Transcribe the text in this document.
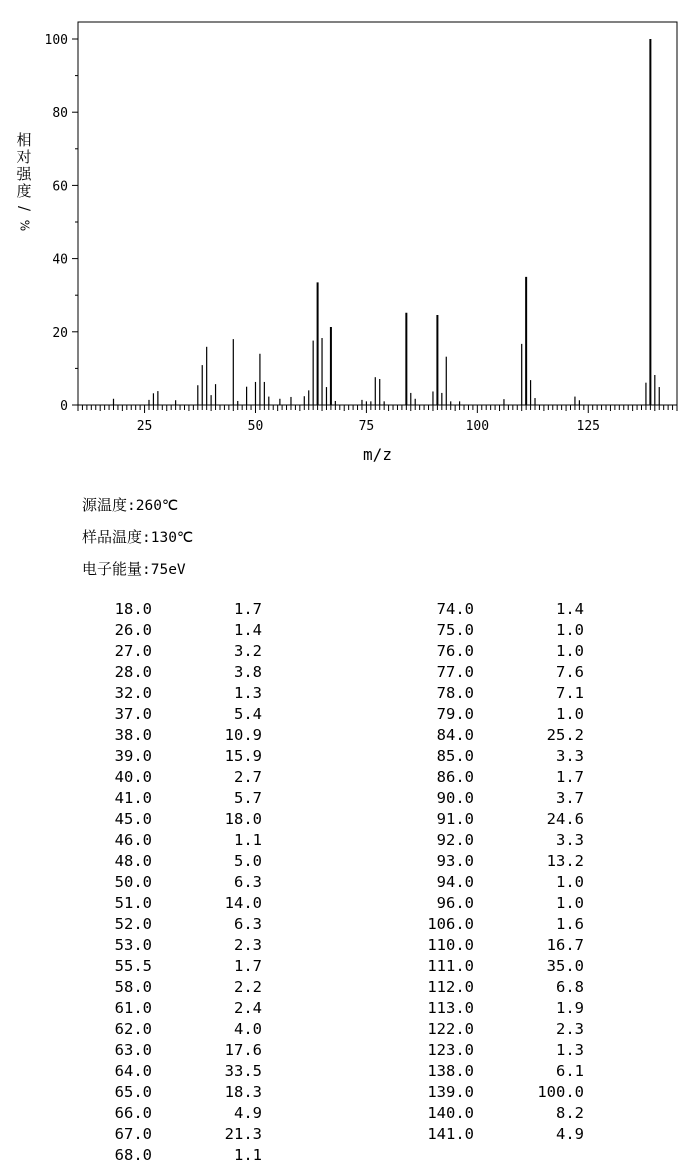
0
20
40
60
80
100
25	50	75	100	125
m/z
相
对
强
度
/
%
源温度:260℃
样品温度:130℃
电子能量:75eV
18.0	1.7
26.0	1.4
27.0	3.2
28.0	3.8
32.0	1.3
37.0	5.4
38.0	10.9
39.0	15.9
40.0	2.7
41.0	5.7
45.0	18.0
46.0	1.1
48.0	5.0
50.0	6.3
51.0	14.0
52.0	6.3
53.0	2.3
55.5	1.7
58.0	2.2
61.0	2.4
62.0	4.0
63.0	17.6
64.0	33.5
65.0	18.3
66.0	4.9
67.0	21.3
68.0	1.1
74.0	1.4
75.0	1.0
76.0	1.0
77.0	7.6
78.0	7.1
79.0	1.0
84.0	25.2
85.0	3.3
86.0	1.7
90.0	3.7
91.0	24.6
92.0	3.3
93.0	13.2
94.0	1.0
96.0	1.0
106.0	1.6
110.0	16.7
111.0	35.0
112.0	6.8
113.0	1.9
122.0	2.3
123.0	1.3
138.0	6.1
139.0	100.0
140.0	8.2
141.0	4.9
